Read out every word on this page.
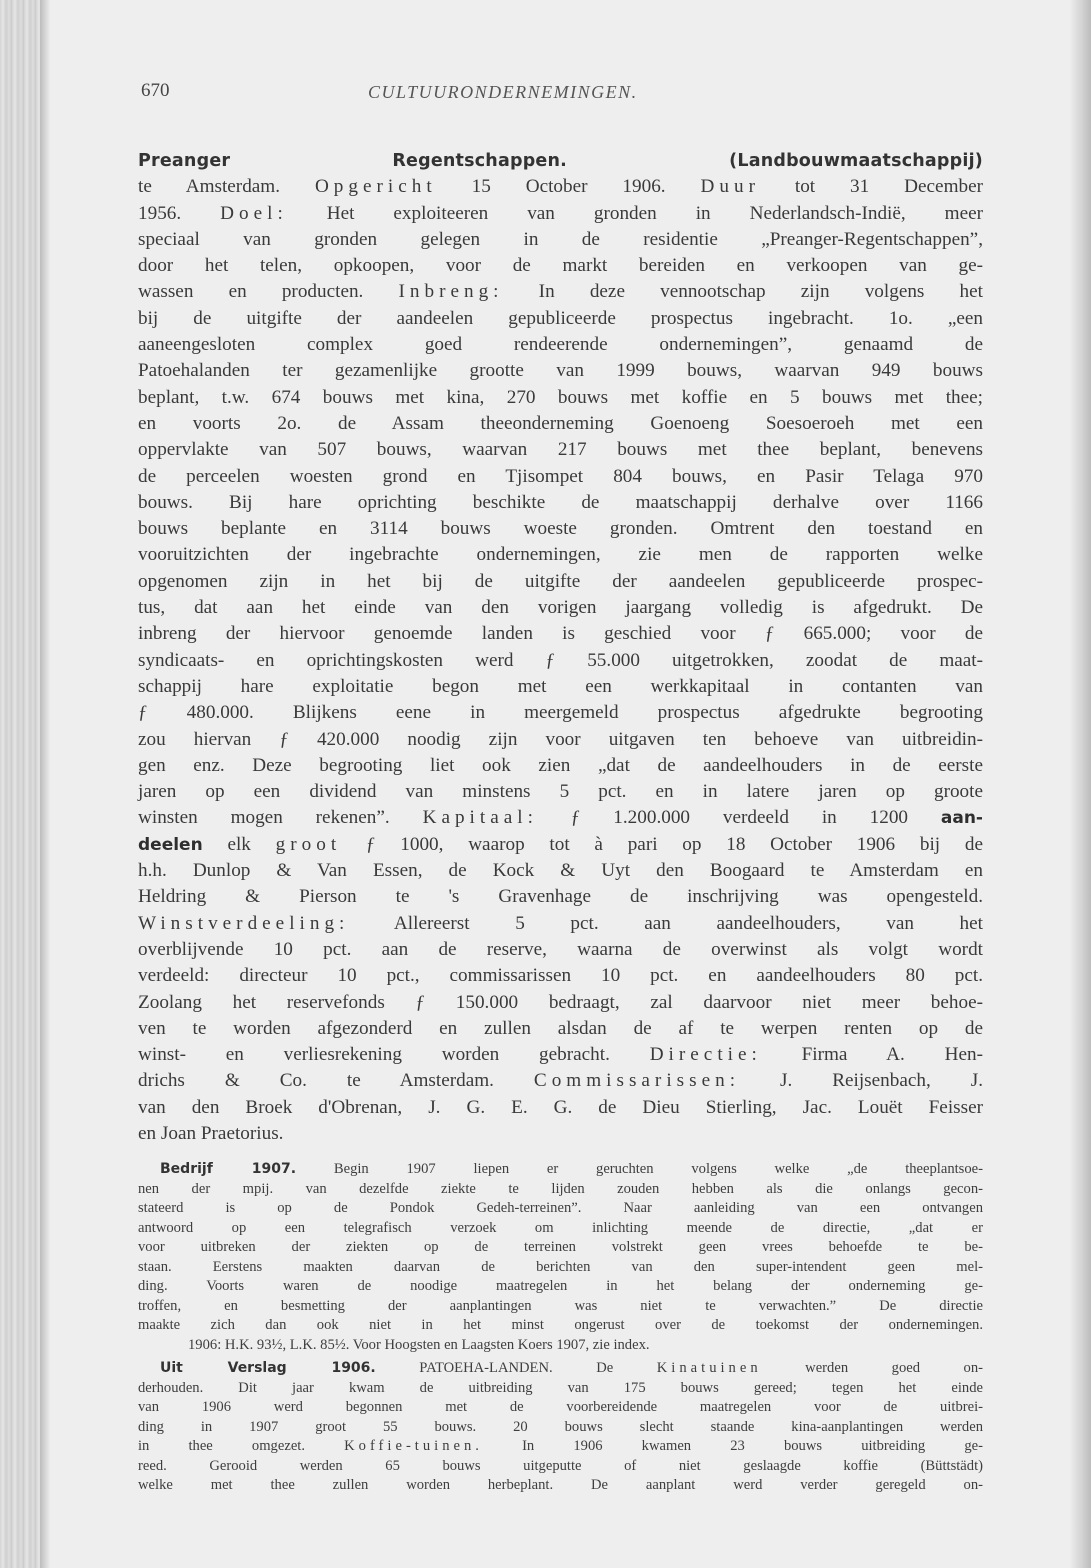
670	CULTUURONDERNEMINGEN.
Preanger Regentschappen. (Landbouwmaatschappij)
te Amsterdam. Opgericht 15 October 1906. Duur tot 31 December
1956. Doel: Het exploiteeren van gronden in Nederlandsch-Indië, meer
speciaal van gronden gelegen in de residentie „Preanger-Regentschappen”,
door het telen, opkoopen, voor de markt bereiden en verkoopen van ge-
wassen en producten. Inbreng: In deze vennootschap zijn volgens het
bij de uitgifte der aandeelen gepubliceerde prospectus ingebracht. 1o. „een
aaneengesloten complex goed rendeerende ondernemingen”, genaamd de
Patoehalanden ter gezamenlijke grootte van 1999 bouws, waarvan 949 bouws
beplant, t.w. 674 bouws met kina, 270 bouws met koffie en 5 bouws met thee;
en voorts 2o. de Assam theeonderneming Goenoeng Soesoeroeh met een
oppervlakte van 507 bouws, waarvan 217 bouws met thee beplant, benevens
de perceelen woesten grond en Tjisompet 804 bouws, en Pasir Telaga 970
bouws. Bij hare oprichting beschikte de maatschappij derhalve over 1166
bouws beplante en 3114 bouws woeste gronden. Omtrent den toestand en
vooruitzichten der ingebrachte ondernemingen, zie men de rapporten welke
opgenomen zijn in het bij de uitgifte der aandeelen gepubliceerde prospec-
tus, dat aan het einde van den vorigen jaargang volledig is afgedrukt. De
inbreng der hiervoor genoemde landen is geschied voor ƒ 665.000; voor de
syndicaats- en oprichtingskosten werd ƒ 55.000 uitgetrokken, zoodat de maat-
schappij hare exploitatie begon met een werkkapitaal in contanten van
ƒ 480.000. Blijkens eene in meergemeld prospectus afgedrukte begrooting
zou hiervan ƒ 420.000 noodig zijn voor uitgaven ten behoeve van uitbreidin-
gen enz. Deze begrooting liet ook zien „dat de aandeelhouders in de eerste
jaren op een dividend van minstens 5 pct. en in latere jaren op groote
winsten mogen rekenen”. Kapitaal: ƒ 1.200.000 verdeeld in 1200 aan-
deelen elk groot ƒ 1000, waarop tot à pari op 18 October 1906 bij de
h.h. Dunlop & Van Essen, de Kock & Uyt den Boogaard te Amsterdam en
Heldring & Pierson te 's Gravenhage de inschrijving was opengesteld.
Winstverdeeling: Allereerst 5 pct. aan aandeelhouders, van het
overblijvende 10 pct. aan de reserve, waarna de overwinst als volgt wordt
verdeeld: directeur 10 pct., commissarissen 10 pct. en aandeelhouders 80 pct.
Zoolang het reservefonds ƒ 150.000 bedraagt, zal daarvoor niet meer behoe-
ven te worden afgezonderd en zullen alsdan de af te werpen renten op de
winst- en verliesrekening worden gebracht. Directie: Firma A. Hen-
drichs & Co. te Amsterdam. Commissarissen: J. Reijsenbach, J.
van den Broek d'Obrenan, J. G. E. G. de Dieu Stierling, Jac. Louët Feisser
en Joan Praetorius.
Bedrijf 1907. Begin 1907 liepen er geruchten volgens welke „de theeplantsoe-
nen der mpij. van dezelfde ziekte te lijden zouden hebben als die onlangs gecon-
stateerd is op de Pondok Gedeh-terreinen”. Naar aanleiding van een ontvangen
antwoord op een telegrafisch verzoek om inlichting meende de directie, „dat er
voor uitbreken der ziekten op de terreinen volstrekt geen vrees behoefde te be-
staan. Eerstens maakten daarvan de berichten van den super-intendent geen mel-
ding. Voorts waren de noodige maatregelen in het belang der onderneming ge-
troffen, en besmetting der aanplantingen was niet te verwachten.” De directie
maakte zich dan ook niet in het minst ongerust over de toekomst der ondernemingen.
1906: H.K. 93½, L.K. 85½. Voor Hoogsten en Laagsten Koers 1907, zie index.
Uit Verslag 1906. PATOEHA-LANDEN. De Kinatuinen werden goed on-
derhouden. Dit jaar kwam de uitbreiding van 175 bouws gereed; tegen het einde
van 1906 werd begonnen met de voorbereidende maatregelen voor de uitbrei-
ding in 1907 groot 55 bouws. 20 bouws slecht staande kina-aanplantingen werden
in thee omgezet. Koffie-tuinen. In 1906 kwamen 23 bouws uitbreiding ge-
reed. Gerooid werden 65 bouws uitgeputte of niet geslaagde koffie (Büttstädt)
welke met thee zullen worden herbeplant. De aanplant werd verder geregeld on-
